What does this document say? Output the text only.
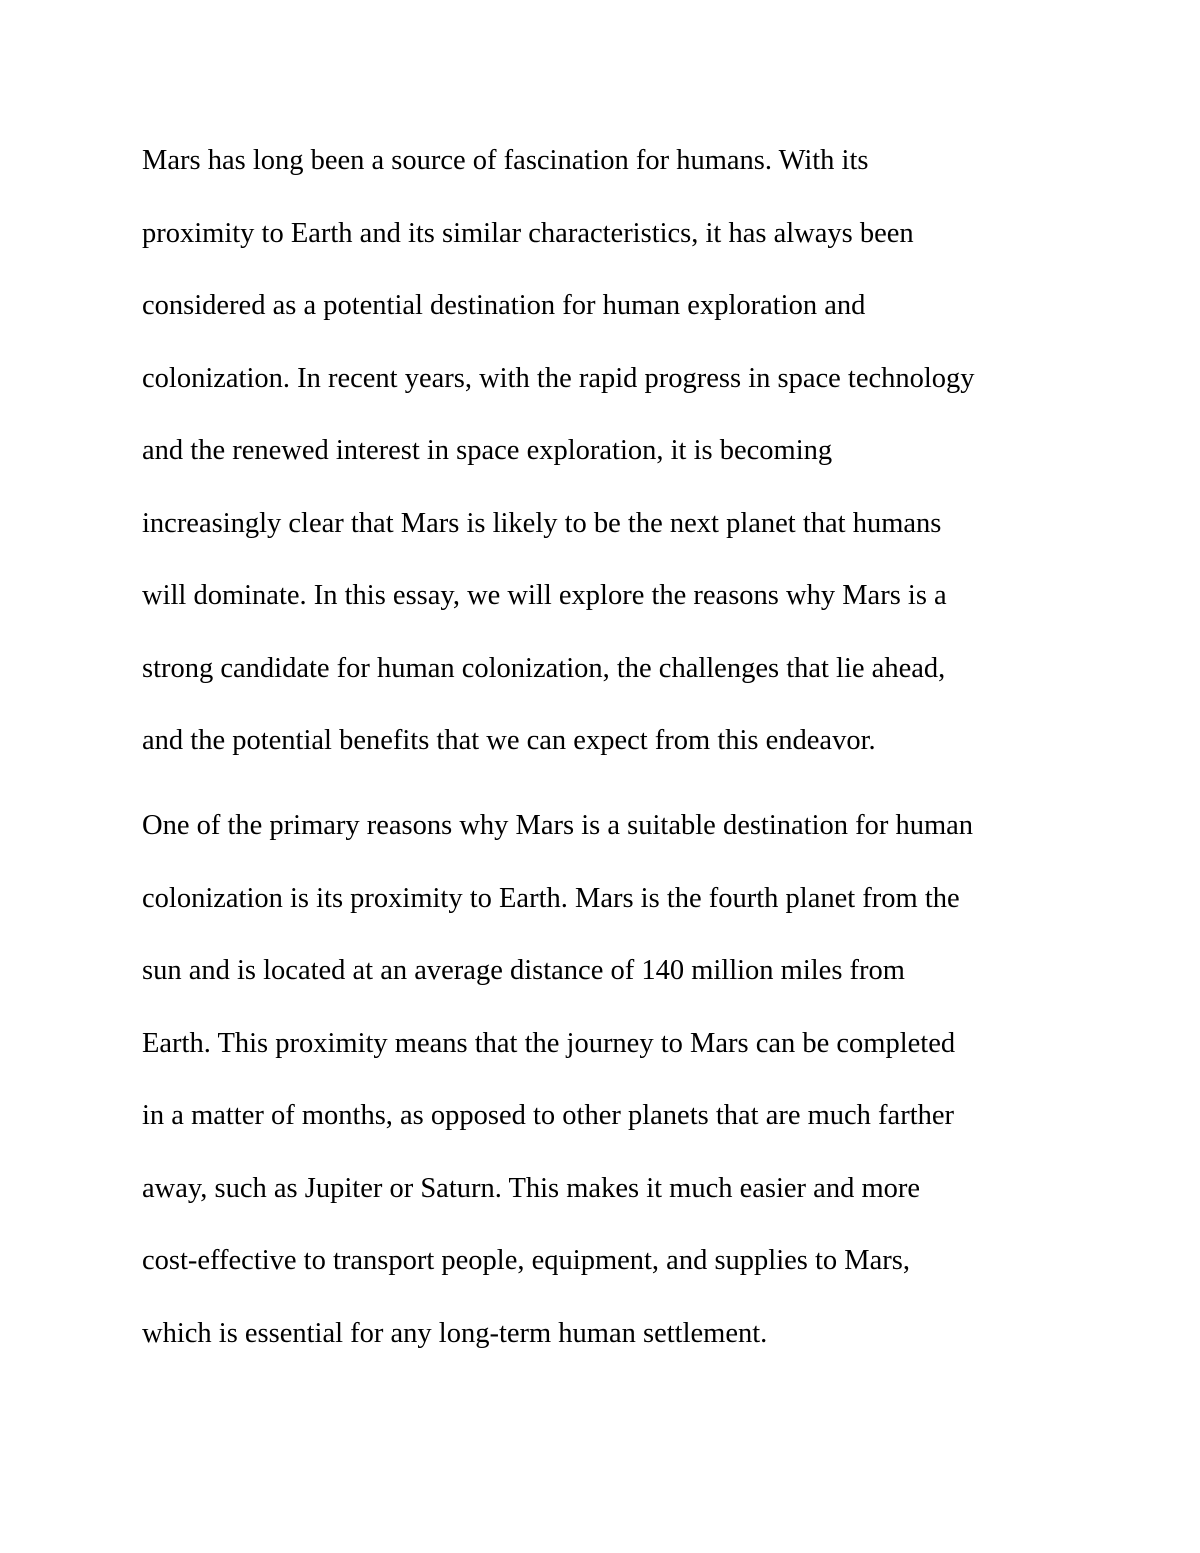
Mars has long been a source of fascination for humans. With its
proximity to Earth and its similar characteristics, it has always been
considered as a potential destination for human exploration and
colonization. In recent years, with the rapid progress in space technology
and the renewed interest in space exploration, it is becoming
increasingly clear that Mars is likely to be the next planet that humans
will dominate. In this essay, we will explore the reasons why Mars is a
strong candidate for human colonization, the challenges that lie ahead,
and the potential benefits that we can expect from this endeavor.
One of the primary reasons why Mars is a suitable destination for human
colonization is its proximity to Earth. Mars is the fourth planet from the
sun and is located at an average distance of 140 million miles from
Earth. This proximity means that the journey to Mars can be completed
in a matter of months, as opposed to other planets that are much farther
away, such as Jupiter or Saturn. This makes it much easier and more
cost-effective to transport people, equipment, and supplies to Mars,
which is essential for any long-term human settlement.
